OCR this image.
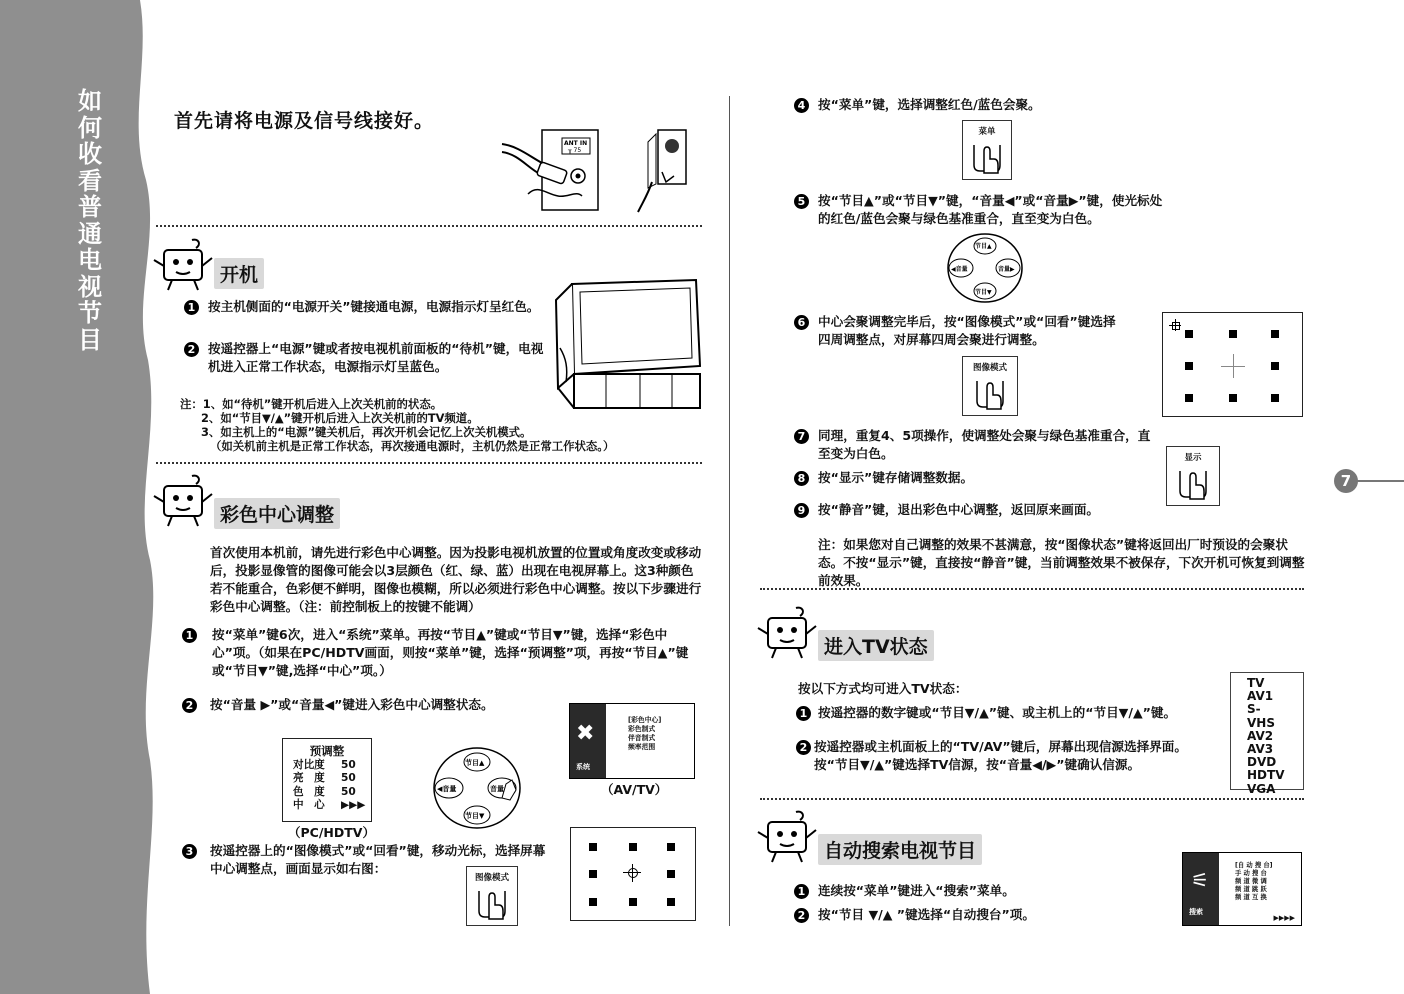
如
何
收
看
普
通
电
视
节
目
首先请将电源及信号线接好。
ANT IN
╥ 75
开机
1 按主机侧面的“电源开关”键接通电源，电源指示灯呈红色。
2 按遥控器上“电源”键或者按电视机前面板的“待机”键，电视机进入正常工作状态，电源指示灯呈蓝色。
注：1、如“待机”键开机后进入上次关机前的状态。
2、如“节目▼/▲”键开机后进入上次关机前的TV频道。
3、如主机上的“电源”键关机后，再次开机会记忆上次关机模式。
（如关机前主机是正常工作状态，再次接通电源时，主机仍然是正常工作状态。）
彩色中心调整
首次使用本机前，请先进行彩色中心调整。因为投影电视机放置的位置或角度改变或移动后，投影显像管的图像可能会以3层颜色（红、绿、蓝）出现在电视屏幕上。这3种颜色若不能重合，色彩便不鲜明，图像也模糊，所以必须进行彩色中心调整。按以下步骤进行彩色中心调整。（注：前控制板上的按键不能调）
1 按“菜单”键6次，进入“系统”菜单。再按“节目▲”键或“节目▼”键，选择“彩色中心”项。（如果在PC/HDTV画面，则按“菜单”键，选择“预调整”项，再按“节目▲”键或“节目▼”键,选择“中心”项。）
2 按“音量 ▶”或“音量◀”键进入彩色中心调整状态。
预调整
对比度 50
亮　度 50
色　度 50
中　心 ▶▶▶
（PC/HDTV）
节目▲
节目▼
◀音量	音量
✖
系统
[彩色中心]
彩色制式
伴音制式
频率范围
（AV/TV）
3 按遥控器上的“图像模式”或“回看”键，移动光标，选择屏幕中心调整点，画面显示如右图：
图像模式
4 按“菜单”键，选择调整红色/蓝色会聚。
菜单
5 按“节目▲”或“节目▼”键，“音量◀”或“音量▶”键，使光标处的红色/蓝色会聚与绿色基准重合，直至变为白色。
节目▲
节目▼
◀音量	音量▶
6 中心会聚调整完毕后，按“图像模式”或“回看”键选择四周调整点，对屏幕四周会聚进行调整。
图像模式
7 同理，重复4、5项操作，使调整处会聚与绿色基准重合，直至变为白色。
8 按“显示”键存储调整数据。
显示
9 按“静音”键，退出彩色中心调整，返回原来画面。
注：如果您对自己调整的效果不甚满意，按“图像状态”键将返回出厂时预设的会聚状态。不按“显示”键，直接按“静音”键，当前调整效果不被保存，下次开机可恢复到调整前效果。
7
进入TV状态
按以下方式均可进入TV状态：
1 按遥控器的数字键或“节目▼/▲”键、或主机上的“节目▼/▲”键。
2 按遥控器或主机面板上的“TV/AV”键后，屏幕出现信源选择界面。按“节目▼/▲”键选择TV信源，按“音量◀/▶”键确认信源。
TV
AV1
S-VHS
AV2
AV3
DVD
HDTV
VGA
自动搜索电视节目
1 连续按“菜单”键进入“搜索”菜单。
2 按“节目 ▼/▲ ”键选择“自动搜台”项。
⚟
搜索
[自 动 搜 台]
手 动 搜 台
频 道 微 调
频 道 跳 跃
频 道 互 换
▶▶▶▶
